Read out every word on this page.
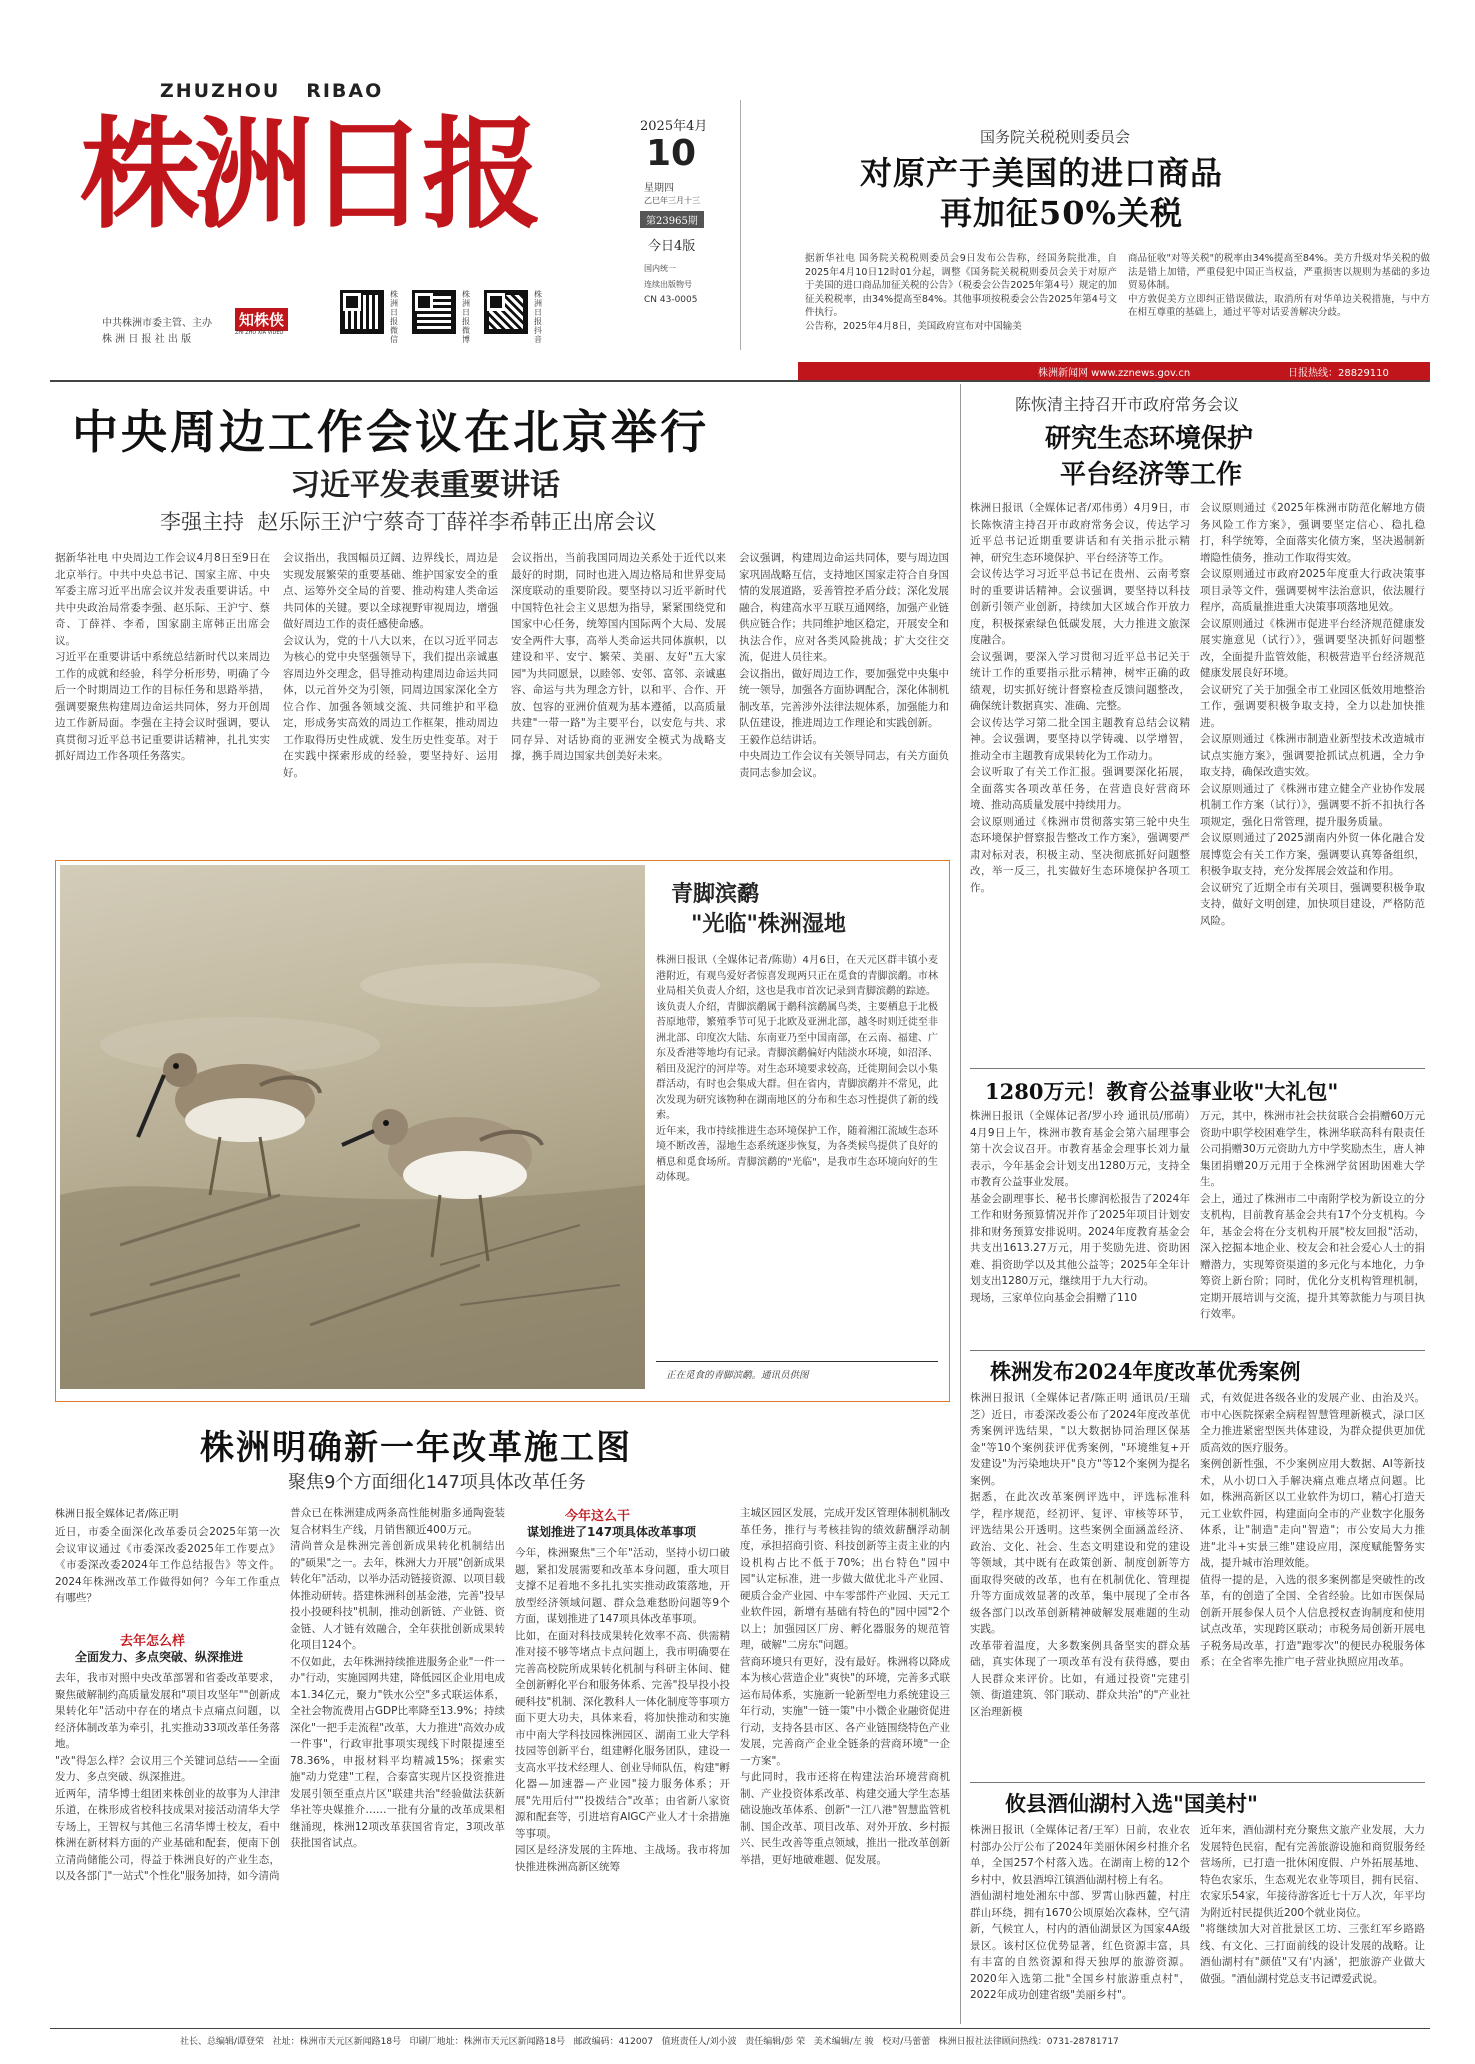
ZHUZHOU   RIBAO
株洲日报
中共株洲市委主管、主办
株 洲 日 报 社 出 版
知株侠
ZHI ZHU XIA VIDEO
株洲日报微信
株洲日报微博
株洲日报抖音
2025年4月
10
星期四
乙巳年三月十三
第23965期
今日4版
国内统一
连续出版物号
CN 43-0005
国务院关税税则委员会
对原产于美国的进口商品
再加征50%关税
据新华社电 国务院关税税则委员会9日发布公告称，经国务院批准，自2025年4月10日12时01分起，调整《国务院关税税则委员会关于对原产于美国的进口商品加征关税的公告》（税委会公告2025年第4号）规定的加征关税税率，由34%提高至84%。其他事项按税委会公告2025年第4号文件执行。
公告称，2025年4月8日，美国政府宣布对中国输美
商品征收"对等关税"的税率由34%提高至84%。美方升级对华关税的做法是错上加错，严重侵犯中国正当权益，严重损害以规则为基础的多边贸易体制。
中方敦促美方立即纠正错误做法，取消所有对华单边关税措施，与中方在相互尊重的基础上，通过平等对话妥善解决分歧。
株洲新闻网 www.zznews.gov.cn	日报热线：28829110
中央周边工作会议在北京举行
习近平发表重要讲话
李强主持  赵乐际王沪宁蔡奇丁薛祥李希韩正出席会议
据新华社电 中央周边工作会议4月8日至9日在北京举行。中共中央总书记、国家主席、中央军委主席习近平出席会议并发表重要讲话。中共中央政治局常委李强、赵乐际、王沪宁、蔡奇、丁薛祥、李希，国家副主席韩正出席会议。
习近平在重要讲话中系统总结新时代以来周边工作的成就和经验，科学分析形势，明确了今后一个时期周边工作的目标任务和思路举措，强调要聚焦构建周边命运共同体，努力开创周边工作新局面。李强在主持会议时强调，要认真贯彻习近平总书记重要讲话精神，扎扎实实抓好周边工作各项任务落实。
会议指出，我国幅员辽阔、边界线长，周边是实现发展繁荣的重要基础、维护国家安全的重点、运筹外交全局的首要、推动构建人类命运共同体的关键。要以全球视野审视周边，增强做好周边工作的责任感使命感。
会议认为，党的十八大以来，在以习近平同志为核心的党中央坚强领导下，我们提出亲诚惠容周边外交理念，倡导推动构建周边命运共同体，以元首外交为引领，同周边国家深化全方位合作、加强各领域交流、共同维护和平稳定，形成务实高效的周边工作框架，推动周边工作取得历史性成就、发生历史性变革。对于在实践中探索形成的经验，要坚持好、运用好。
会议指出，当前我国同周边关系处于近代以来最好的时期，同时也进入周边格局和世界变局深度联动的重要阶段。要坚持以习近平新时代中国特色社会主义思想为指导，紧紧围绕党和国家中心任务，统筹国内国际两个大局、发展安全两件大事，高举人类命运共同体旗帜，以建设和平、安宁、繁荣、美丽、友好"五大家园"为共同愿景，以睦邻、安邻、富邻、亲诚惠容、命运与共为理念方针，以和平、合作、开放、包容的亚洲价值观为基本遵循，以高质量共建"一带一路"为主要平台，以安危与共、求同存异、对话协商的亚洲安全模式为战略支撑，携手周边国家共创美好未来。
会议强调，构建周边命运共同体，要与周边国家巩固战略互信，支持地区国家走符合自身国情的发展道路，妥善管控矛盾分歧；深化发展融合，构建高水平互联互通网络，加强产业链供应链合作；共同维护地区稳定，开展安全和执法合作，应对各类风险挑战；扩大交往交流，促进人员往来。
会议指出，做好周边工作，要加强党中央集中统一领导，加强各方面协调配合，深化体制机制改革，完善涉外法律法规体系，加强能力和队伍建设，推进周边工作理论和实践创新。
王毅作总结讲话。
中央周边工作会议有关领导同志，有关方面负责同志参加会议。
青脚滨鹬
"光临"株洲湿地
株洲日报讯（全媒体记者/陈勋）4月6日，在天元区群丰镇小麦港附近，有观鸟爱好者惊喜发现两只正在觅食的青脚滨鹬。市林业局相关负责人介绍，这也是我市首次记录到青脚滨鹬的踪迹。
该负责人介绍，青脚滨鹬属于鹬科滨鹬属鸟类，主要栖息于北极苔原地带，繁殖季节可见于北欧及亚洲北部，越冬时则迁徙至非洲北部、印度次大陆、东南亚乃至中国南部，在云南、福建、广东及香港等地均有记录。青脚滨鹬偏好内陆淡水环境，如沼泽、稻田及泥泞的河岸等。对生态环境要求较高，迁徙期间会以小集群活动，有时也会集成大群。但在省内，青脚滨鹬并不常见，此次发现为研究该物种在湖南地区的分布和生态习性提供了新的线索。
近年来，我市持续推进生态环境保护工作，随着湘江流域生态环境不断改善，湿地生态系统逐步恢复，为各类候鸟提供了良好的栖息和觅食场所。青脚滨鹬的"光临"，是我市生态环境向好的生动体现。
正在觅食的青脚滨鹬。通讯员供图
株洲明确新一年改革施工图
聚焦9个方面细化147项具体改革任务
株洲日报全媒体记者/陈正明
近日，市委全面深化改革委员会2025年第一次会议审议通过《市委深改委2025年工作要点》《市委深改委2024年工作总结报告》等文件。2024年株洲改革工作做得如何？今年工作重点有哪些？
去年怎么样
全面发力、多点突破、纵深推进
去年，我市对照中央改革部署和省委改革要求，聚焦破解制约高质量发展和"项目攻坚年""创新成果转化年"活动中存在的堵点卡点痛点问题，以经济体制改革为牵引，扎实推动33项改革任务落地。
"改"得怎么样？会议用三个关键词总结——全面发力、多点突破、纵深推进。
近两年，清华博士组团来株创业的故事为人津津乐道，在株形成省校科技成果对接活动清华大学专场上，王智权与其他三名清华博士校友，看中株洲在新材料方面的产业基础和配套，便南下创立清尚储能公司，得益于株洲良好的产业生态，以及各部门"一站式"个性化"服务加持，如今清尚
普众已在株洲建成两条高性能树脂多通陶瓷装复合材料生产线，月销售额近400万元。
清尚普众是株洲完善创新成果转化机制结出的"硕果"之一。去年，株洲大力开展"创新成果转化年"活动，以举办活动链接资源、以项目载体推动研转。搭建株洲科创基金港，完善"投早投小投硬科技"机制，推动创新链、产业链、资金链、人才链有效融合，全年获批创新成果转化项目124个。
不仅如此，去年株洲持续推进服务企业"一件一办"行动，实施园网共建，降低园区企业用电成本1.34亿元，聚力"铁水公空"多式联运体系，全社会物流费用占GDP比率降至13.9%；持续深化"一把手走流程"改革，大力推进"高效办成一件事"，行政审批事项实现线下时限提速至78.36%，申报材料平均精减15%；探索实施"动力党建"工程，合泰富实现片区投资推进发展引领至重点片区"联建共治"经验做法获新华社等央媒推介……一批有分量的改革成果相继涌现，株洲12项改革获国省肯定，3项改革获批国省试点。
今年这么干
谋划推进了147项具体改革事项
今年，株洲聚焦"三个年"活动，坚持小切口破题，紧扣发展需要和改革本身问题，重大项目支撑不足着地不多扎扎实实推动政策落地，开放型经济领域问题、群众急难愁盼问题等9个方面，谋划推进了147项具体改革事项。
比如，在面对科技成果转化效率不高、供需精准对接不够等堵点卡点问题上，我市明确要在完善高校院所成果转化机制与科研主体间、健全创新孵化平台和服务体系、完善"投早投小投硬科技"机制、深化教科人一体化制度等事项方面下更大功夫，具体来看，将加快推动和实施市中南大学科技园株洲园区、湖南工业大学科技园等创新平台，组建孵化服务团队，建设一支高水平技术经理人、创业导师队伍，构建"孵化器—加速器—产业园"接力服务体系；开展"先用后付""投拨结合"改革；由省新八家资源和配套等，引进培育AIGC产业人才十余措施等事项。
园区是经济发展的主阵地、主战场。我市将加快推进株洲高新区统筹
主城区园区发展，完成开发区管理体制机制改革任务，推行与考核挂钩的绩效薪酬浮动制度，承担招商引资、科技创新等主责主业的内设机构占比不低于70%；出台特色"园中园"认定标准，进一步做大做优北斗产业园、硬质合金产业园、中车零部件产业园、天元工业软件园，新增有基础有特色的"园中园"2个以上；加强园区厂房、孵化器服务的规范管理，破解"二房东"问题。
营商环境只有更好，没有最好。株洲将以降成本为核心营造企业"爽快"的环境，完善多式联运布局体系，实施新一轮新型电力系统建设三年行动，实施"一链一策"中小微企业融资促进行动，支持各县市区、各产业链围绕特色产业发展，完善商产企业全链条的营商环境"一企一方案"。
与此同时，我市还将在构建法治环境营商机制、产业投资体系改革、构建交通大学生态基础设施改革体系、创新"一江八港"智慧监管机制、国企改革、项目改革、对外开放、乡村振兴、民生改善等重点领域，推出一批改革创新举措，更好地破难题、促发展。
陈恢清主持召开市政府常务会议
研究生态环境保护
平台经济等工作
株洲日报讯（全媒体记者/邓伟勇）4月9日，市长陈恢清主持召开市政府常务会议，传达学习近平总书记近期重要讲话和有关指示批示精神，研究生态环境保护、平台经济等工作。
会议传达学习习近平总书记在贵州、云南考察时的重要讲话精神。会议强调，要坚持以科技创新引领产业创新，持续加大区域合作开放力度，积极探索绿色低碳发展，大力推进文旅深度融合。
会议强调，要深入学习贯彻习近平总书记关于统计工作的重要指示批示精神，树牢正确的政绩观，切实抓好统计督察检查反馈问题整改，确保统计数据真实、准确、完整。
会议传达学习第二批全国主题教育总结会议精神。会议强调，要坚持以学铸魂、以学增智，推动全市主题教育成果转化为工作动力。
会议听取了有关工作汇报。强调要深化拓展，全面落实各项改革任务，在营造良好营商环境、推动高质量发展中持续用力。
会议原则通过《株洲市贯彻落实第三轮中央生态环境保护督察报告整改工作方案》，强调要严肃对标对表，积极主动、坚决彻底抓好问题整改，举一反三，扎实做好生态环境保护各项工作。
会议原则通过《2025年株洲市防范化解地方债务风险工作方案》，强调要坚定信心、稳扎稳打，科学统筹，全面落实化债方案，坚决遏制新增隐性债务，推动工作取得实效。
会议原则通过市政府2025年度重大行政决策事项目录等文件，强调要树牢法治意识，依法履行程序，高质量推进重大决策事项落地见效。
会议原则通过《株洲市促进平台经济规范健康发展实施意见（试行）》，强调要坚决抓好问题整改，全面提升监管效能，积极营造平台经济规范健康发展良好环境。
会议研究了关于加强全市工业园区低效用地整治工作，强调要积极争取支持，全力以赴加快推进。
会议原则通过《株洲市制造业新型技术改造城市试点实施方案》，强调要抢抓试点机遇，全力争取支持，确保改造实效。
会议原则通过了《株洲市建立健全产业协作发展机制工作方案（试行）》，强调要不折不扣执行各项规定，强化日常管理，提升服务质量。
会议原则通过了2025湖南内外贸一体化融合发展博览会有关工作方案，强调要认真筹备组织，积极争取支持，充分发挥展会效益和作用。
会议研究了近期全市有关项目，强调要积极争取支持，做好文明创建，加快项目建设，严格防范风险。
1280万元！教育公益事业收"大礼包"
株洲日报讯（全媒体记者/罗小玲 通讯员/邢萌）4月9日上午，株洲市教育基金会第六届理事会第十次会议召开。市教育基金会理事长刘力量表示，今年基金会计划支出1280万元，支持全市教育公益事业发展。
基金会副理事长、秘书长廖润松报告了2024年工作和财务预算情况并作了2025年项目计划安排和财务预算安排说明。2024年度教育基金会共支出1613.27万元，用于奖励先进、资助困难、捐资助学以及其他公益等；2025年全年计划支出1280万元，继续用于九大行动。
现场，三家单位向基金会捐赠了110
万元，其中，株洲市社会扶贫联合会捐赠60万元资助中职学校困难学生，株洲华联高科有限责任公司捐赠30万元资助九方中学奖励杰生，唐人神集团捐赠20万元用于全株洲学贫困助困难大学生。
会上，通过了株洲市二中南附学校为新设立的分支机构，目前教育基金会共有17个分支机构。今年，基金会将在分支机构开展"校友回报"活动，深入挖掘本地企业、校友会和社会爱心人士的捐赠潜力，实现筹资渠道的多元化与本地化，力争筹资上新台阶；同时，优化分支机构管理机制，定期开展培训与交流，提升其筹款能力与项目执行效率。
株洲发布2024年度改革优秀案例
株洲日报讯（全媒体记者/陈正明 通讯员/王瑞芝）近日，市委深改委公布了2024年度改革优秀案例评选结果，"以大数据协同治理区保基金"等10个案例获评优秀案例，"环境维复+开发建设"为污染地块开"良方"等12个案例为提名案例。
据悉，在此次改革案例评选中，评选标准科学，程序规范，经初评、复评、审核等环节，评选结果公开透明。这些案例全面涵盖经济、政治、文化、社会、生态文明建设和党的建设等领域，其中既有在政策创新、制度创新等方面取得突破的改革，也有在机制优化、管理提升等方面成效显著的改革，集中展现了全市各级各部门以改革创新精神破解发展难题的生动实践。
改革带着温度，大多数案例具备坚实的群众基础，真实体现了一项改革有没有获得感，要由人民群众来评价。比如，有通过投资"完建引领、街道建筑、邻门联动、群众共治"的"产业社区治理新模
式，有效促进各级各业的发展产业、由治及兴。市中心医院探索全病程智慧管理新模式，渌口区全力推进紧密型医共体建设，为群众提供更加优质高效的医疗服务。
案例创新性强，不少案例应用大数据、AI等新技术，从小切口入手解决痛点难点堵点问题。比如，株洲高新区以工业软件为切口，精心打造天元工业软件园，构建面向全市的产业数字化服务体系，让"制造"走向"智造"；市公安局大力推进"北斗+实景三维"建设应用，深度赋能警务实战，提升城市治理效能。
值得一提的是，入选的很多案例都是突破性的改革，有的创造了全国、全省经验。比如市医保局创新开展参保人员个人信息授权查询制度和使用试点改革，实现跨区联动；市税务局创新开展电子税务局改革，打造"跑零次"的便民办税服务体系；在全省率先推广电子营业执照应用改革。
攸县酒仙湖村入选"国美村"
株洲日报讯（全媒体记者/王军）日前，农业农村部办公厅公布了2024年美丽休闲乡村推介名单，全国257个村落入选。在湖南上榜的12个乡村中，攸县酒埠江镇酒仙湖村榜上有名。
酒仙湖村地处湘东中部、罗霄山脉西麓，村庄群山环绕，拥有1670公顷原始次森林，空气清新，气候宜人，村内的酒仙湖景区为国家4A级景区。该村区位优势显著，红色资源丰富，具有丰富的自然资源和得天独厚的旅游资源。2020年入选第二批"全国乡村旅游重点村"，2022年成功创建省级"美丽乡村"。
近年来，酒仙湖村充分聚焦文旅产业发展，大力发展特色民宿，配有完善旅游设施和商贸服务经营场所，已打造一批休闲度假、户外拓展基地、特色农家乐，生态观光农业等项目，拥有民宿、农家乐54家，年接待游客近七十万人次，年平均为附近村民提供近200个就业岗位。
"将继续加大对首批景区工坊、三张红军乡路路线、有文化、三打面前线的设计发展的战略。让酒仙湖村有"颜值"又有'内涵'，把旅游产业做大做强。"酒仙湖村党总支书记谭爱武说。
社长、总编辑/谭登荣   社址：株洲市天元区新闻路18号   印刷厂地址：株洲市天元区新闻路18号   邮政编码：412007   值班责任人/刘小波   责任编辑/彭 荣   美术编辑/左 骏   校对/马蕾蕾   株洲日报社法律顾问热线：0731-28781717
